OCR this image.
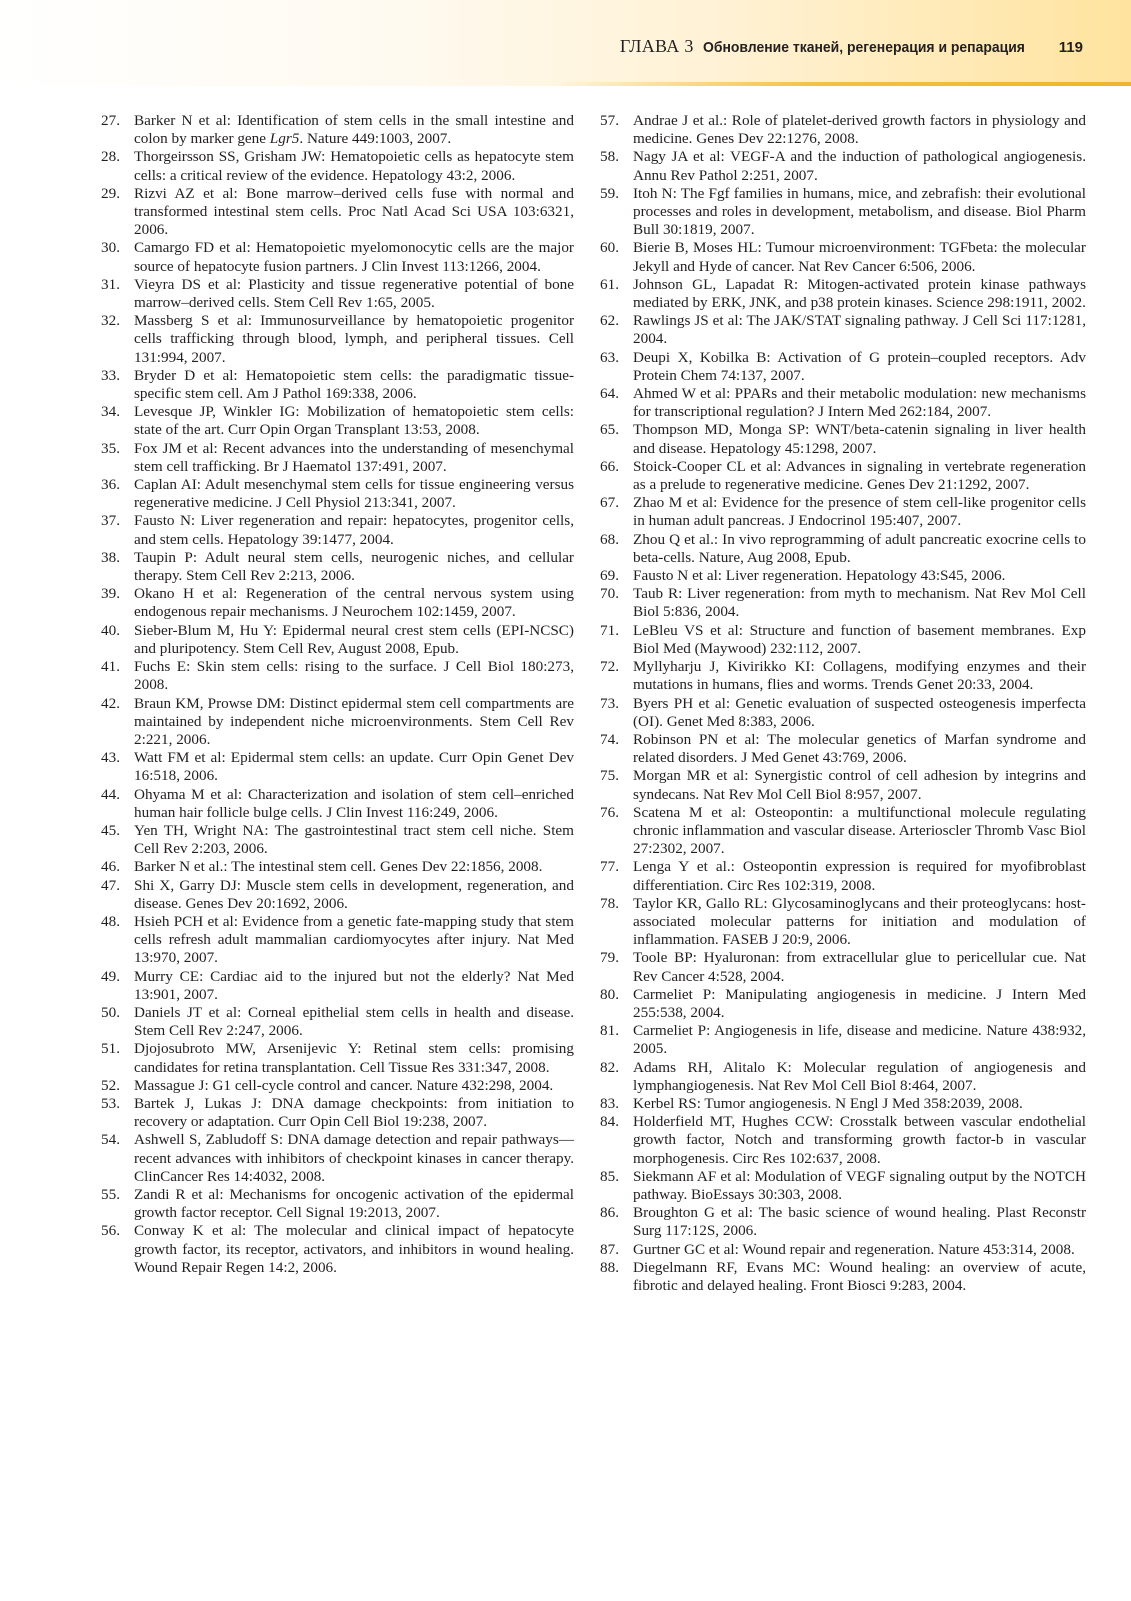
ГЛАВА 3 Обновление тканей, регенерация и репарация 119
27. Barker N et al: Identification of stem cells in the small intestine and colon by marker gene Lgr5. Nature 449:1003, 2007.
28. Thorgeirsson SS, Grisham JW: Hematopoietic cells as hepatocyte stem cells: a critical review of the evidence. Hepatology 43:2, 2006.
29. Rizvi AZ et al: Bone marrow–derived cells fuse with normal and transformed intestinal stem cells. Proc Natl Acad Sci USA 103:6321, 2006.
30. Camargo FD et al: Hematopoietic myelomonocytic cells are the major source of hepatocyte fusion partners. J Clin Invest 113:1266, 2004.
31. Vieyra DS et al: Plasticity and tissue regenerative potential of bone marrow–derived cells. Stem Cell Rev 1:65, 2005.
32. Massberg S et al: Immunosurveillance by hematopoietic progenitor cells trafficking through blood, lymph, and peripheral tissues. Cell 131:994, 2007.
33. Bryder D et al: Hematopoietic stem cells: the paradigmatic tissue-specific stem cell. Am J Pathol 169:338, 2006.
34. Levesque JP, Winkler IG: Mobilization of hematopoietic stem cells: state of the art. Curr Opin Organ Transplant 13:53, 2008.
35. Fox JM et al: Recent advances into the understanding of mesenchymal stem cell trafficking. Br J Haematol 137:491, 2007.
36. Caplan AI: Adult mesenchymal stem cells for tissue engineering versus regenerative medicine. J Cell Physiol 213:341, 2007.
37. Fausto N: Liver regeneration and repair: hepatocytes, progenitor cells, and stem cells. Hepatology 39:1477, 2004.
38. Taupin P: Adult neural stem cells, neurogenic niches, and cellular therapy. Stem Cell Rev 2:213, 2006.
39. Okano H et al: Regeneration of the central nervous system using endogenous repair mechanisms. J Neurochem 102:1459, 2007.
40. Sieber-Blum M, Hu Y: Epidermal neural crest stem cells (EPI-NCSC) and pluripotency. Stem Cell Rev, August 2008, Epub.
41. Fuchs E: Skin stem cells: rising to the surface. J Cell Biol 180:273, 2008.
42. Braun KM, Prowse DM: Distinct epidermal stem cell compartments are maintained by independent niche microenvironments. Stem Cell Rev 2:221, 2006.
43. Watt FM et al: Epidermal stem cells: an update. Curr Opin Genet Dev 16:518, 2006.
44. Ohyama M et al: Characterization and isolation of stem cell–enriched human hair follicle bulge cells. J Clin Invest 116:249, 2006.
45. Yen TH, Wright NA: The gastrointestinal tract stem cell niche. Stem Cell Rev 2:203, 2006.
46. Barker N et al.: The intestinal stem cell. Genes Dev 22:1856, 2008.
47. Shi X, Garry DJ: Muscle stem cells in development, regeneration, and disease. Genes Dev 20:1692, 2006.
48. Hsieh PCH et al: Evidence from a genetic fate-mapping study that stem cells refresh adult mammalian cardiomyocytes after injury. Nat Med 13:970, 2007.
49. Murry CE: Cardiac aid to the injured but not the elderly? Nat Med 13:901, 2007.
50. Daniels JT et al: Corneal epithelial stem cells in health and disease. Stem Cell Rev 2:247, 2006.
51. Djojosubroto MW, Arsenijevic Y: Retinal stem cells: promising candidates for retina transplantation. Cell Tissue Res 331:347, 2008.
52. Massague J: G1 cell-cycle control and cancer. Nature 432:298, 2004.
53. Bartek J, Lukas J: DNA damage checkpoints: from initiation to recovery or adaptation. Curr Opin Cell Biol 19:238, 2007.
54. Ashwell S, Zabludoff S: DNA damage detection and repair pathways—recent advances with inhibitors of checkpoint kinases in cancer therapy. ClinCancer Res 14:4032, 2008.
55. Zandi R et al: Mechanisms for oncogenic activation of the epidermal growth factor receptor. Cell Signal 19:2013, 2007.
56. Conway K et al: The molecular and clinical impact of hepatocyte growth factor, its receptor, activators, and inhibitors in wound healing. Wound Repair Regen 14:2, 2006.
57. Andrae J et al.: Role of platelet-derived growth factors in physiology and medicine. Genes Dev 22:1276, 2008.
58. Nagy JA et al: VEGF-A and the induction of pathological angiogenesis. Annu Rev Pathol 2:251, 2007.
59. Itoh N: The Fgf families in humans, mice, and zebrafish: their evolutional processes and roles in development, metabolism, and disease. Biol Pharm Bull 30:1819, 2007.
60. Bierie B, Moses HL: Tumour microenvironment: TGFbeta: the molecular Jekyll and Hyde of cancer. Nat Rev Cancer 6:506, 2006.
61. Johnson GL, Lapadat R: Mitogen-activated protein kinase pathways mediated by ERK, JNK, and p38 protein kinases. Science 298:1911, 2002.
62. Rawlings JS et al: The JAK/STAT signaling pathway. J Cell Sci 117:1281, 2004.
63. Deupi X, Kobilka B: Activation of G protein–coupled receptors. Adv Protein Chem 74:137, 2007.
64. Ahmed W et al: PPARs and their metabolic modulation: new mechanisms for transcriptional regulation? J Intern Med 262:184, 2007.
65. Thompson MD, Monga SP: WNT/beta-catenin signaling in liver health and disease. Hepatology 45:1298, 2007.
66. Stoick-Cooper CL et al: Advances in signaling in vertebrate regeneration as a prelude to regenerative medicine. Genes Dev 21:1292, 2007.
67. Zhao M et al: Evidence for the presence of stem cell-like progenitor cells in human adult pancreas. J Endocrinol 195:407, 2007.
68. Zhou Q et al.: In vivo reprogramming of adult pancreatic exocrine cells to beta-cells. Nature, Aug 2008, Epub.
69. Fausto N et al: Liver regeneration. Hepatology 43:S45, 2006.
70. Taub R: Liver regeneration: from myth to mechanism. Nat Rev Mol Cell Biol 5:836, 2004.
71. LeBleu VS et al: Structure and function of basement membranes. Exp Biol Med (Maywood) 232:112, 2007.
72. Myllyharju J, Kivirikko KI: Collagens, modifying enzymes and their mutations in humans, flies and worms. Trends Genet 20:33, 2004.
73. Byers PH et al: Genetic evaluation of suspected osteogenesis imperfecta (OI). Genet Med 8:383, 2006.
74. Robinson PN et al: The molecular genetics of Marfan syndrome and related disorders. J Med Genet 43:769, 2006.
75. Morgan MR et al: Synergistic control of cell adhesion by integrins and syndecans. Nat Rev Mol Cell Biol 8:957, 2007.
76. Scatena M et al: Osteopontin: a multifunctional molecule regulating chronic inflammation and vascular disease. Arterioscler Thromb Vasc Biol 27:2302, 2007.
77. Lenga Y et al.: Osteopontin expression is required for myofibroblast differentiation. Circ Res 102:319, 2008.
78. Taylor KR, Gallo RL: Glycosaminoglycans and their proteoglycans: host-associated molecular patterns for initiation and modulation of inflammation. FASEB J 20:9, 2006.
79. Toole BP: Hyaluronan: from extracellular glue to pericellular cue. Nat Rev Cancer 4:528, 2004.
80. Carmeliet P: Manipulating angiogenesis in medicine. J Intern Med 255:538, 2004.
81. Carmeliet P: Angiogenesis in life, disease and medicine. Nature 438:932, 2005.
82. Adams RH, Alitalo K: Molecular regulation of angiogenesis and lymphangiogenesis. Nat Rev Mol Cell Biol 8:464, 2007.
83. Kerbel RS: Tumor angiogenesis. N Engl J Med 358:2039, 2008.
84. Holderfield MT, Hughes CCW: Crosstalk between vascular endothelial growth factor, Notch and transforming growth factor-b in vascular morphogenesis. Circ Res 102:637, 2008.
85. Siekmann AF et al: Modulation of VEGF signaling output by the NOTCH pathway. BioEssays 30:303, 2008.
86. Broughton G et al: The basic science of wound healing. Plast Reconstr Surg 117:12S, 2006.
87. Gurtner GC et al: Wound repair and regeneration. Nature 453:314, 2008.
88. Diegelmann RF, Evans MC: Wound healing: an overview of acute, fibrotic and delayed healing. Front Biosci 9:283, 2004.
